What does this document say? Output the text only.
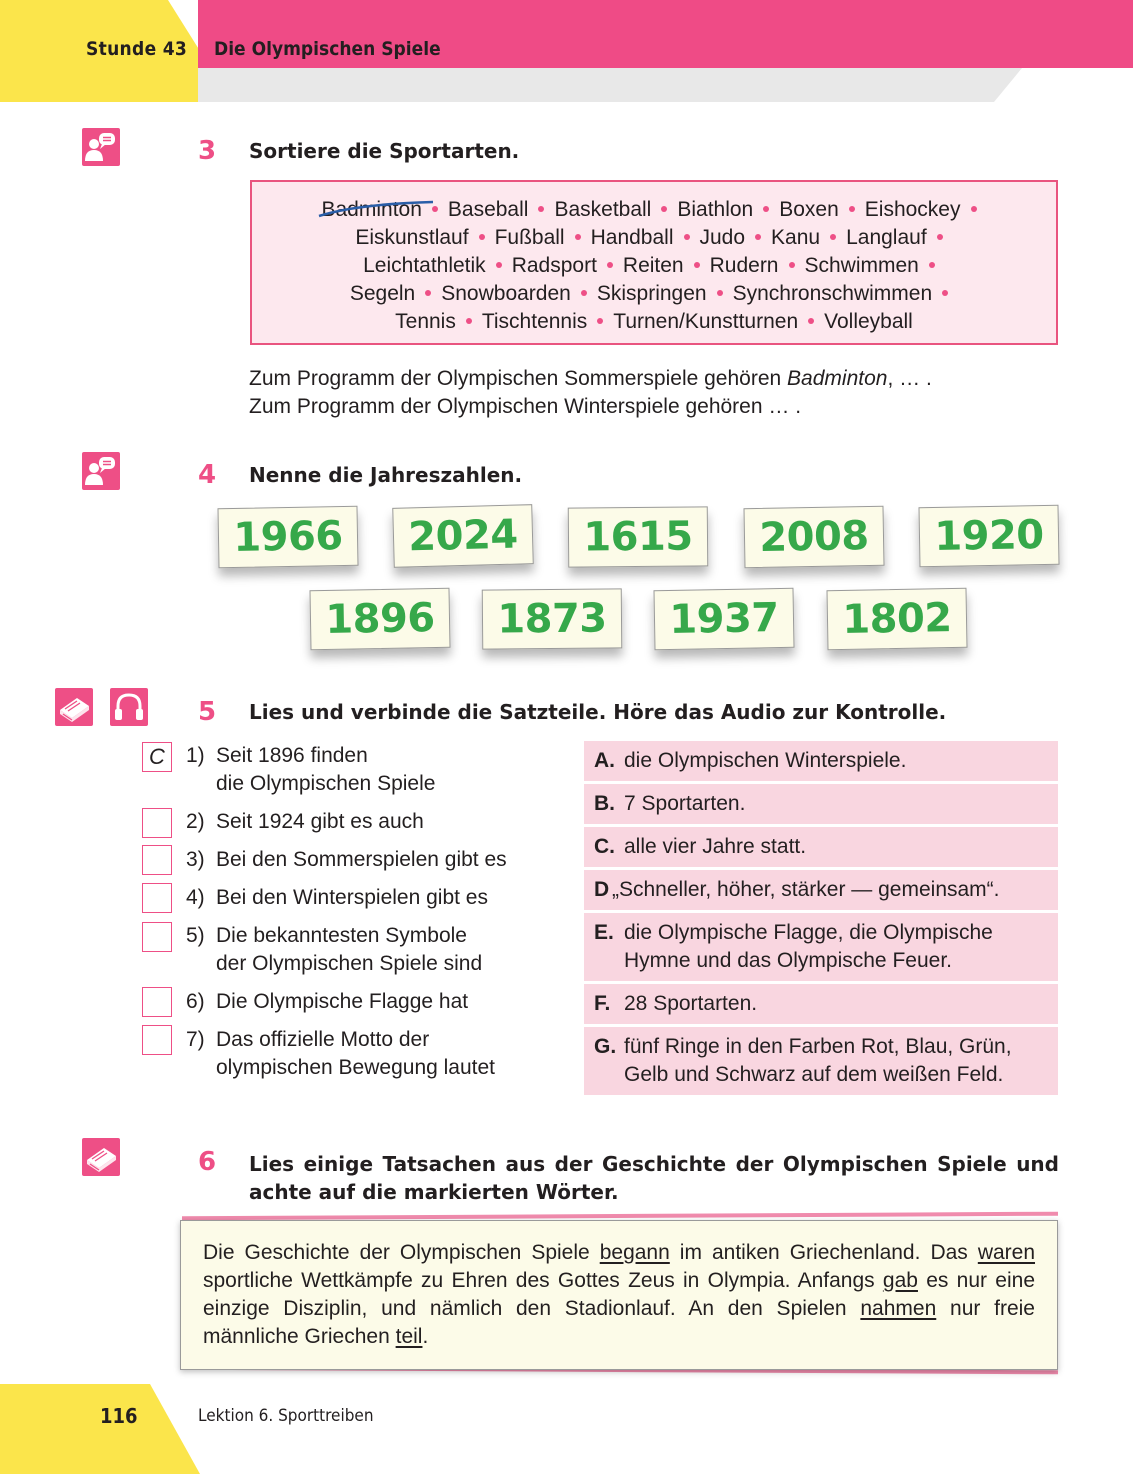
Stunde 43 Die Olympischen Spiele
3 Sortiere die Sportarten.
Badminton Baseball Basketball Biathlon Boxen Eishockey
Eiskunstlauf Fußball Handball Judo Kanu Langlauf
Leichtathletik Radsport Reiten Rudern Schwimmen
Segeln Snowboarden Skispringen Synchronschwimmen
Tennis Tischtennis Turnen/Kunstturnen Volleyball
Zum Programm der Olympischen Sommerspiele gehören Badminton, … .
Zum Programm der Olympischen Winterspiele gehören … .
4 Nenne die Jahreszahlen.
1966	2024	1615	2008	1920
1896	1873	1937	1802
5 Lies und verbinde die Satzteile. Höre das Audio zur Kontrolle.
C	1) Seit 1896 finden
die Olympischen Spiele
2) Seit 1924 gibt es auch
3) Bei den Sommerspielen gibt es
4) Bei den Winterspielen gibt es
5) Die bekanntesten Symbole
der Olympischen Spiele sind
6) Die Olympische Flagge hat
7) Das offizielle Motto der
olympischen Bewegung lautet
A. die Olympischen Winterspiele.
B. 7 Sportarten.
C. alle vier Jahre statt.
D „Schneller, höher, stärker — gemeinsam“.
E. die Olympische Flagge, die Olympische Hymne und das Olympische Feuer.
F. 28 Sportarten.
G. fünf Ringe in den Farben Rot, Blau, Grün, Gelb und Schwarz auf dem weißen Feld.
6 Lies einige Tatsachen aus der Geschichte der Olympischen Spiele und achte auf die markierten Wörter.
Die Geschichte der Olympischen Spiele begann im antiken Griechenland. Das waren sportliche Wettkämpfe zu Ehren des Gottes Zeus in Olympia. Anfangs gab es nur eine einzige Disziplin, und nämlich den Stadionlauf. An den Spielen nahmen nur freie männliche Griechen teil.
116	Lektion 6. Sporttreiben
